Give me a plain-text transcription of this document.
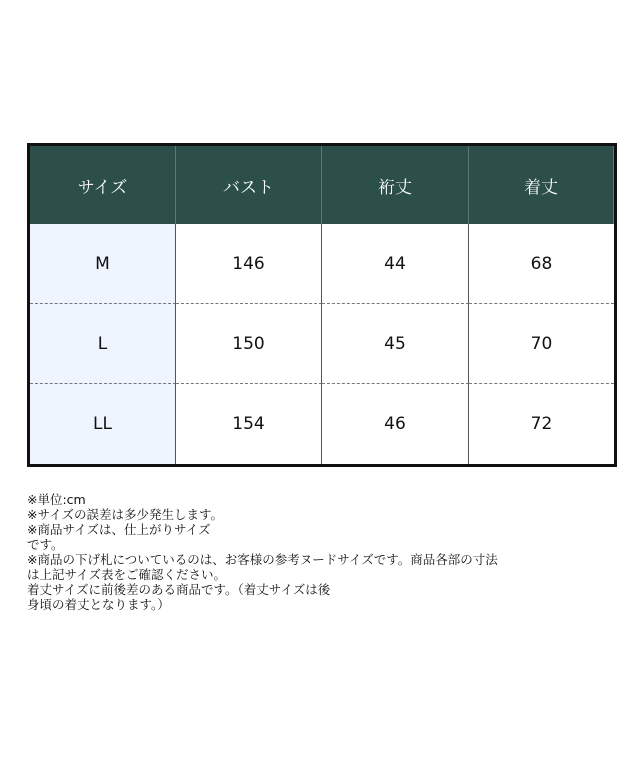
サイズ	バスト	裄丈	着丈
M	146	44	68
L	150	45	70
LL	154	46	72
※単位:cm
※サイズの誤差は多少発生します。
※商品サイズは、仕上がりサイズ
です。
※商品の下げ札についているのは、お客様の参考ヌードサイズです。商品各部の寸法
は上記サイズ表をご確認ください。
着丈サイズに前後差のある商品です。（着丈サイズは後
身頃の着丈となります。）
